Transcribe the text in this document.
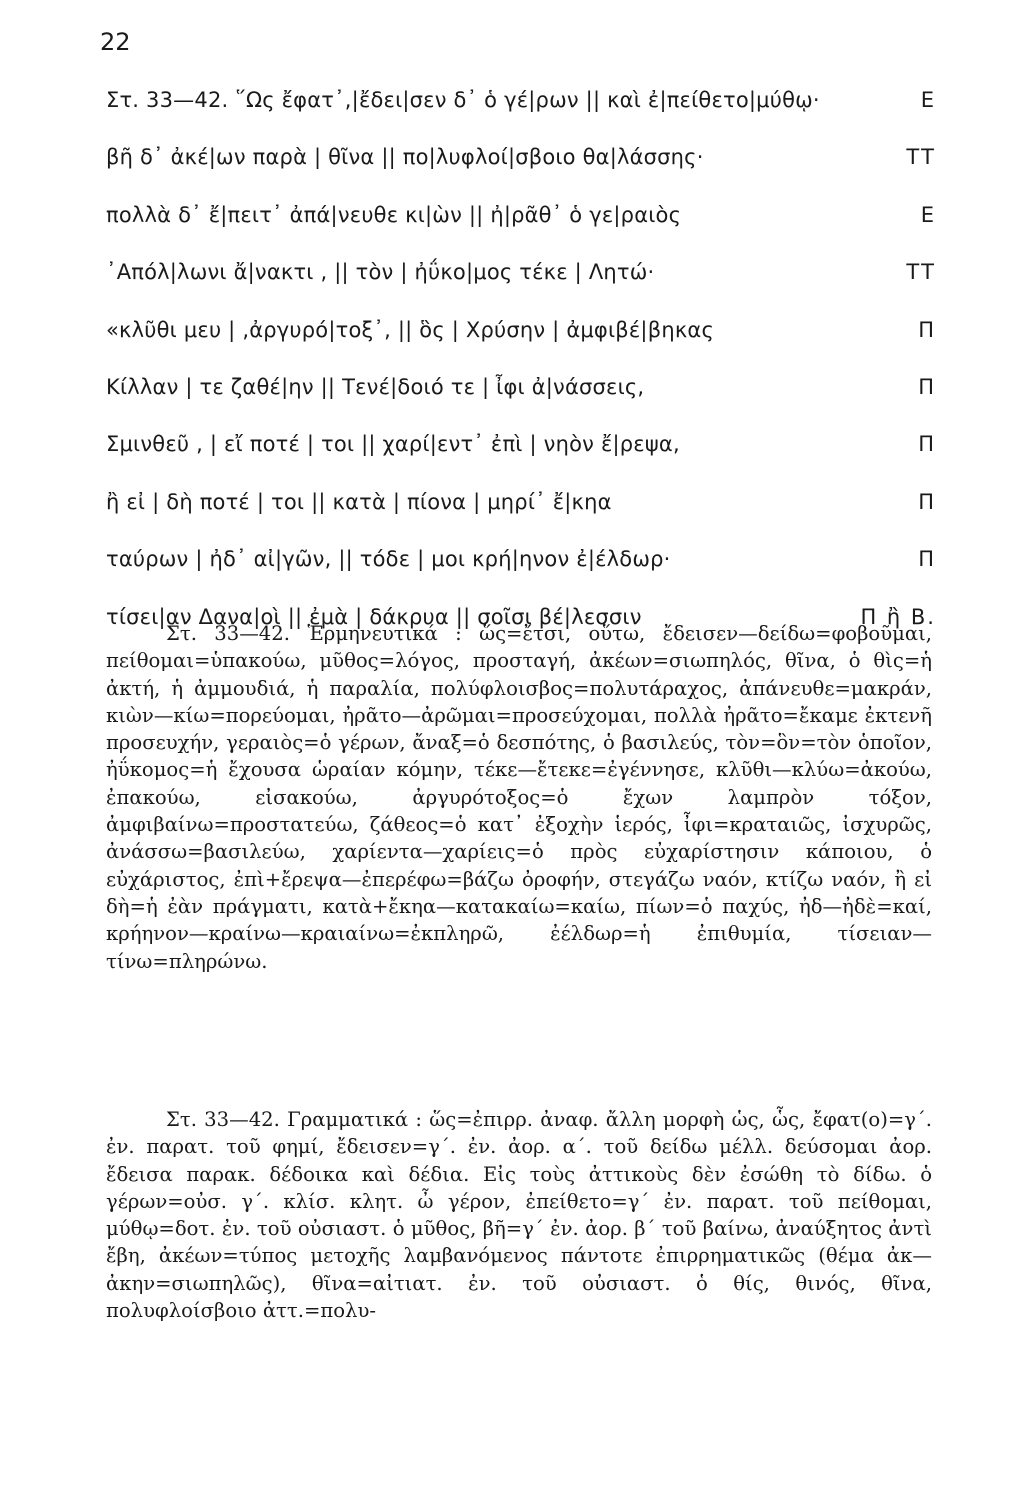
22
Στ. 33—42. ῞Ως ἔφατ᾽,|ἔδει|σεν δ᾽ ὁ γέ|ρων || καὶ ἐ|πείθετο|μύθῳ·	Ε
βῆ δ᾽ ἀκέ|ων παρὰ | θῖνα || πο|λυφλοί|σβοιο θα|λάσσης·	ΤΤ
πολλὰ δ᾽ ἔ|πειτ᾽ ἀπά|νευθε κι|ὼν || ἠ|ρᾶθ᾽ ὁ γε|ραιὸς	Ε
᾽Απόλ|λωνι ἄ|νακτι , || τὸν | ἠΰκο|μος τέκε | Λητώ·	ΤΤ
«κλῦθι μευ | ,ἀργυρό|τοξ᾽, || ὃς | Χρύσην | ἀμφιβέ|βηκας	Π
Κίλλαν | τε ζαθέ|ην || Τενέ|δοιό τε | ἶφι ἀ|νάσσεις,	Π
Σμινθεῦ , | εἴ ποτέ | τοι || χαρί|εντ᾽ ἐπὶ | νηὸν ἔ|ρεψα,	Π
ἢ εἰ | δὴ ποτέ | τοι || κατὰ | πίονα | μηρί᾽ ἔ|κηα	Π
ταύρων | ἠδ᾽ αἰ|γῶν, || τόδε | μοι κρή|ηνον ἐ|έλδωρ·	Π
τίσει|αν Δανα|οὶ || ἐμὰ | δάκρυα || σοῖσι βέ|λεσσιν	Π ἢ Β.

Στ. 33—42. Ἑρμηνευτικά : ὥς=ἔτσι, οὕτω, ἔδεισεν—δείδω=φοβοῦμαι, πείθομαι=ὑπακούω, μῦθος=λόγος, προσταγή, ἀκέων=σιωπηλός, θῖνα, ὁ θὶς=ἡ ἀκτή, ἡ ἀμμουδιά, ἡ παραλία, πολύφλοισβος=πολυτάραχος, ἀπάνευθε=μακράν, κιὼν—κίω=πορεύομαι, ἠρᾶτο—ἀρῶμαι=προσεύχομαι, πολλὰ ἠρᾶτο=ἔκαμε ἐκτενῆ προσευχήν, γεραιὸς=ὁ γέρων, ἄναξ=ὁ δεσπότης, ὁ βασιλεύς, τὸν=ὃν=τὸν ὁποῖον, ἠΰκομος=ἡ ἔχουσα ὡραίαν κόμην, τέκε—ἔτεκε=ἐγέννησε, κλῦθι—κλύω=ἀκούω, ἐπακούω, εἰσακούω, ἀργυρότοξος=ὁ ἔχων λαμπρὸν τόξον, ἀμφιβαίνω=προστατεύω, ζάθεος=ὁ κατ᾽ ἐξοχὴν ἱερός, ἶφι=κραταιῶς, ἰσχυρῶς, ἀνάσσω=βασιλεύω, χαρίεντα—χαρίεις=ὁ πρὸς εὐχαρίστησιν κάποιου, ὁ εὐχάριστος, ἐπὶ+ἔρεψα—ἐπερέφω=βάζω ὀροφήν, στεγάζω ναόν, κτίζω ναόν, ἢ εἰ δὴ=ἡ ἐὰν πράγματι, κατὰ+ἔκηα—κατακαίω=καίω, πίων=ὁ παχύς, ἠδ—ἠδὲ=καί, κρήηνον—κραίνω—κραιαίνω=ἐκπληρῶ, ἐέλδωρ=ἡ ἐπιθυμία, τίσειαν—τίνω=πληρώνω.

Στ. 33—42. Γραμματικά : ὥς=ἐπιρρ. ἀναφ. ἄλλη μορφὴ ὡς, ὧς, ἔφατ(ο)=γ΄. ἐν. παρατ. τοῦ φημί, ἔδεισεν=γ΄. ἐν. ἀορ. α΄. τοῦ δείδω μέλλ. δεύσομαι ἀορ. ἔδεισα παρακ. δέδοικα καὶ δέδια. Εἰς τοὺς ἀττικοὺς δὲν ἐσώθη τὸ δίδω. ὁ γέρων=οὐσ. γ΄. κλίσ. κλητ. ὦ γέρον, ἐπείθετο=γ΄ ἐν. παρατ. τοῦ πείθομαι, μύθῳ=δοτ. ἐν. τοῦ οὐσιαστ. ὁ μῦθος, βῆ=γ΄ ἐν. ἀορ. β΄ τοῦ βαίνω, ἀναύξητος ἀντὶ ἔβη, ἀκέων=τύπος μετοχῆς λαμβανόμενος πάντοτε ἐπιρρηματικῶς (θέμα ἀκ— ἀκην=σιωπηλῶς), θῖνα=αἰτιατ. ἐν. τοῦ οὐσιαστ. ὁ θίς, θινός, θῖνα, πολυφλοίσβοιο ἀττ.=πολυ-
